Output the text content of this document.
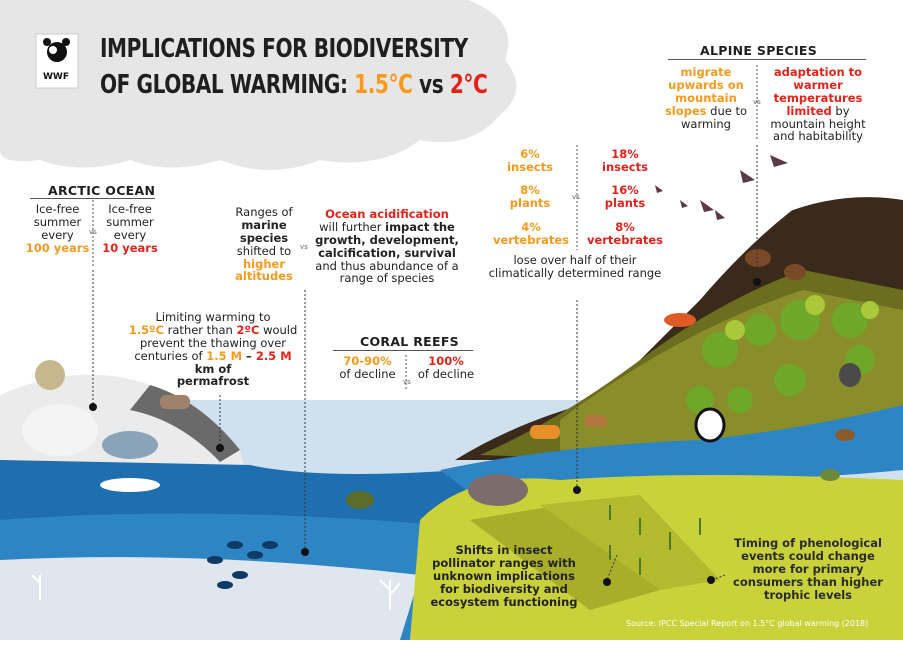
WWF
IMPLICATIONS FOR BIODIVERSITY
OF GLOBAL WARMING: 1.5°C vs 2°C
ARCTIC OCEAN
Ice-free summer every
100 years
vs
Ice-free summer every
10 years
Limiting warming to
1.5ºC rather than 2ºC would prevent the thawing over centuries of 1.5 M – 2.5 M km of
permafrost
Ranges of
marine species
shifted to
higher altitudes
vs
Ocean acidification
will further impact the growth, development, calcification, survival and thus abundance of a range of species
CORAL REEFS
70-90%
of decline
vs
100%
of decline
6%
insects
8%
plants
4%
vertebrates
vs
18%
insects
16%
plants
8%
vertebrates
lose over half of their climatically determined range
ALPINE SPECIES
migrate upwards on mountain slopes due to warming
vs
adaptation to warmer temperatures limited by mountain height and habitability
Shifts in insect pollinator ranges with unknown implications for biodiversity and ecosystem functioning
Timing of phenological events could change more for primary consumers than higher trophic levels
Source: IPCC Special Report on 1.5°C global warming (2018)
